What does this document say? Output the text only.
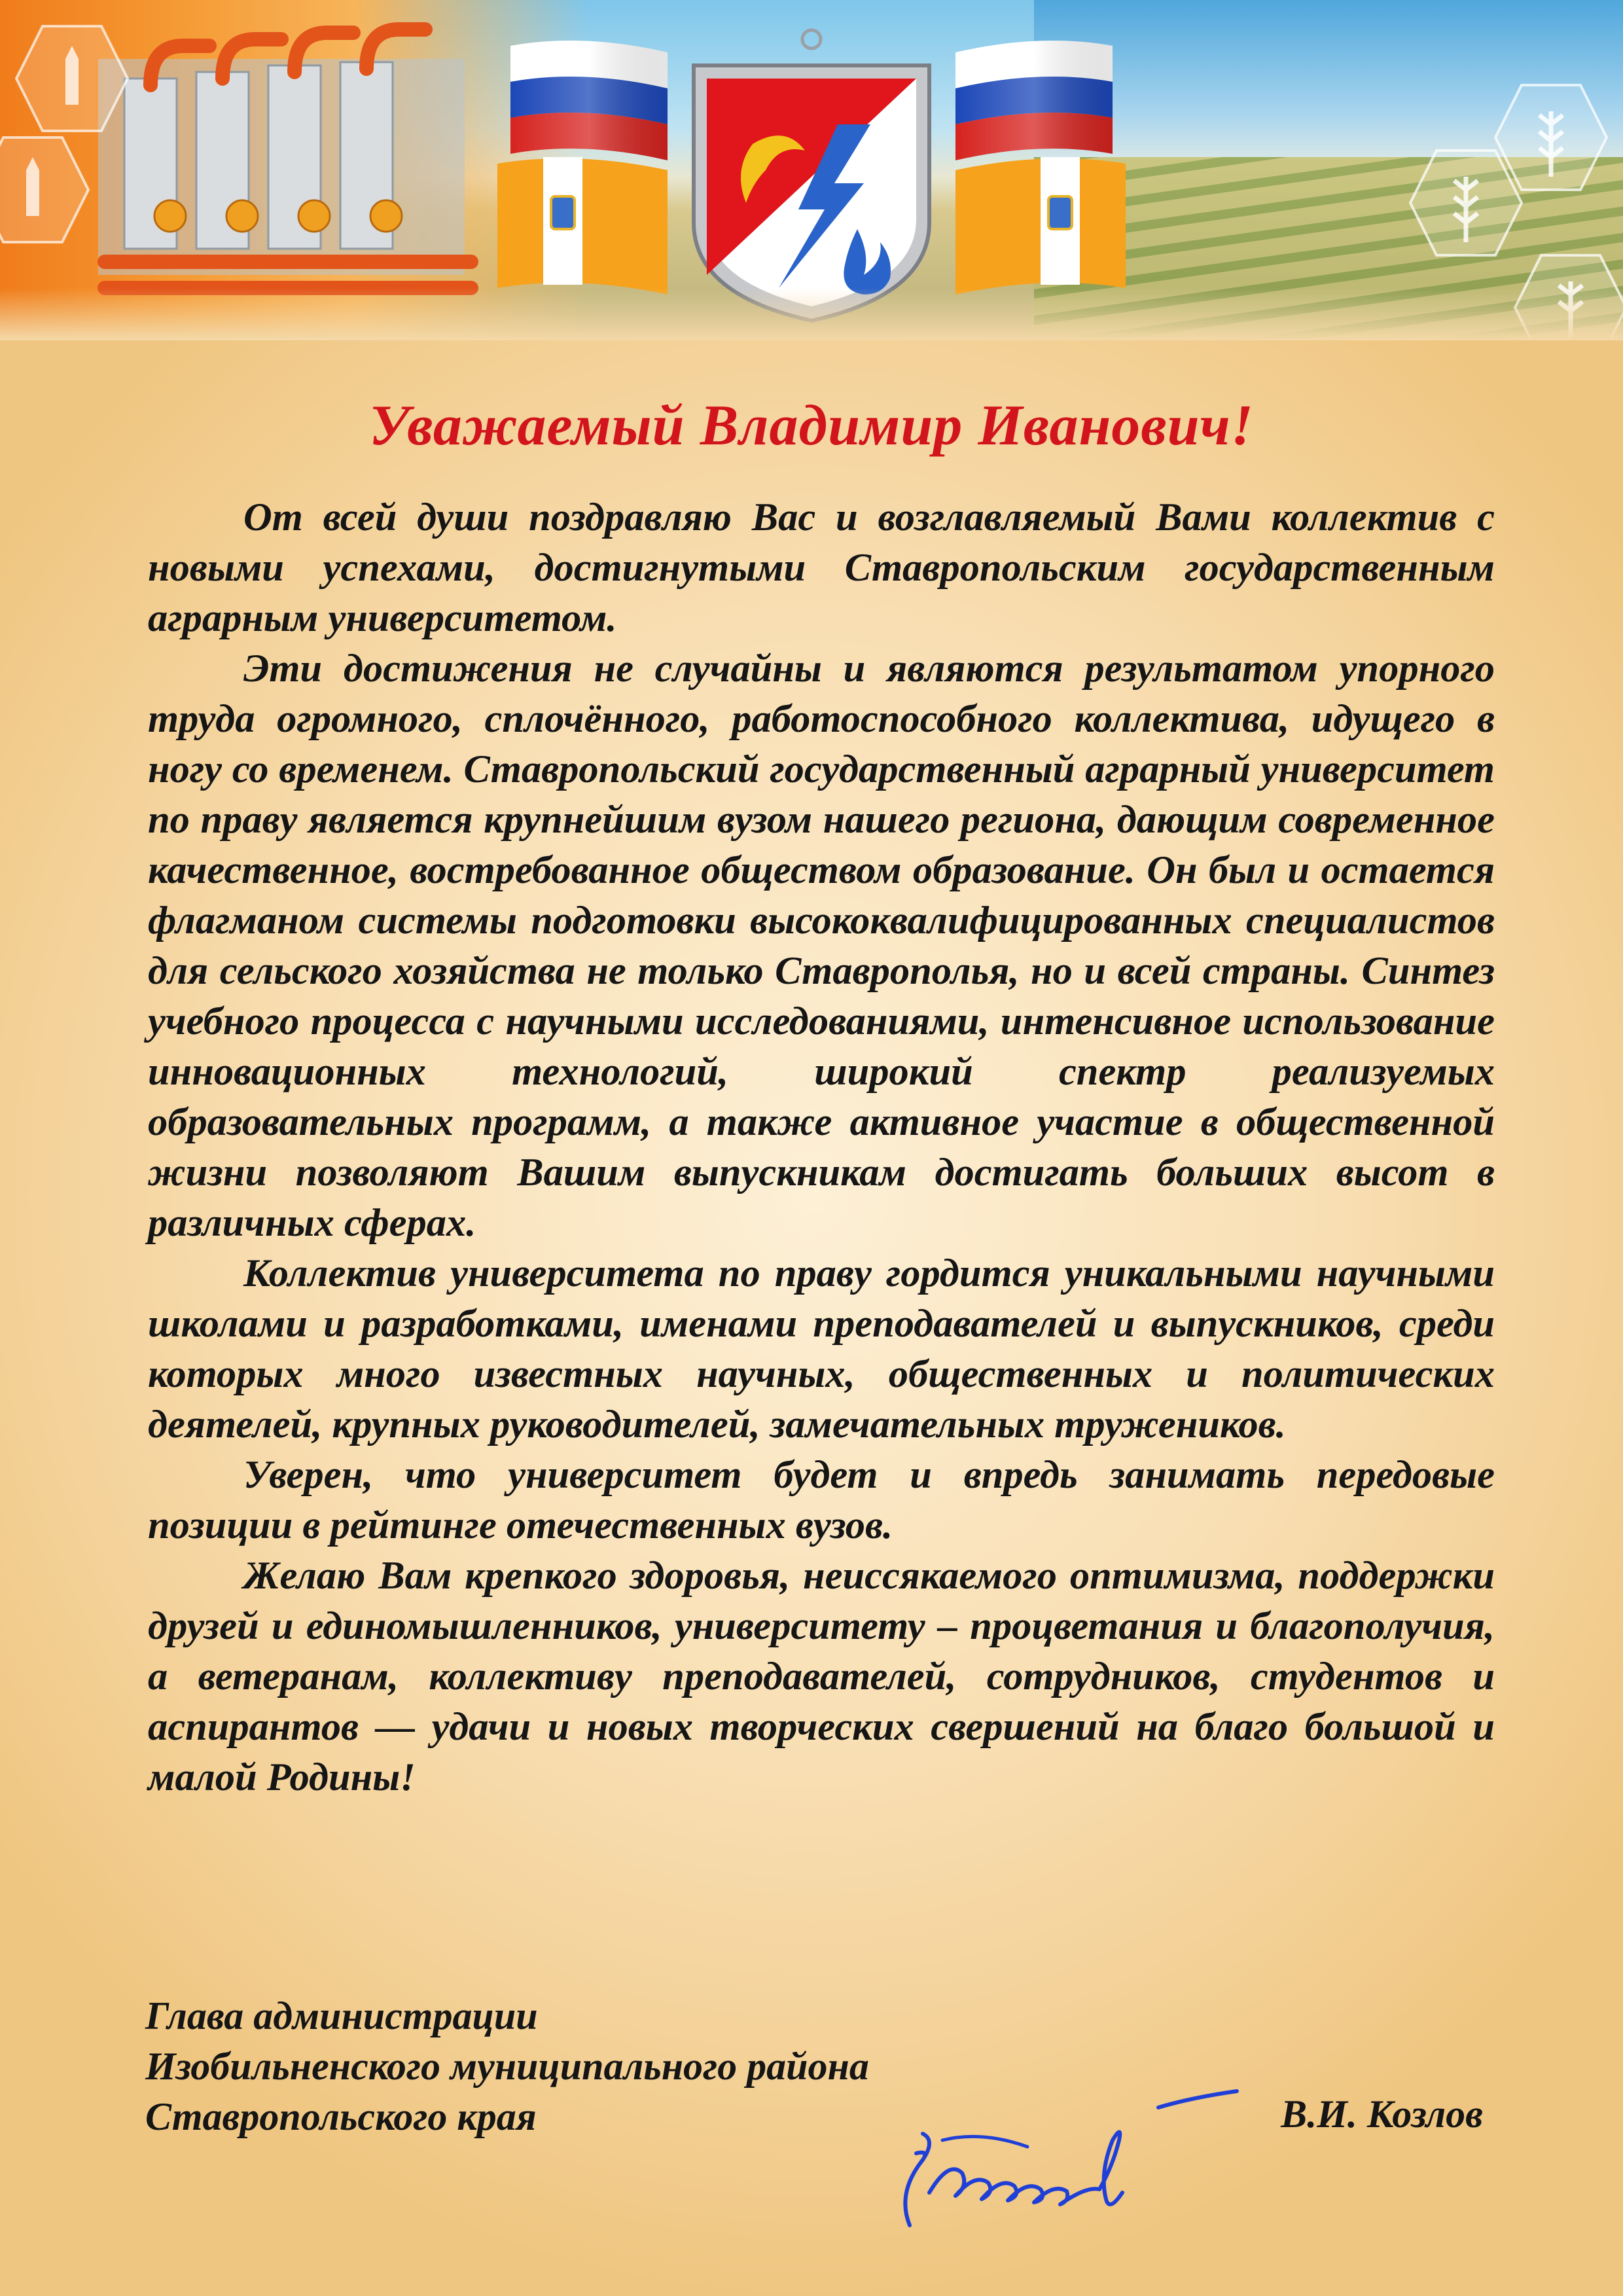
Уважаемый Владимир Иванович!

От всей души поздравляю Вас и возглавляемый Вами коллектив с новыми успехами, достигнутыми Ставропольским государственным аграрным университетом.

Эти достижения не случайны и являются результатом упорного труда огромного, сплочённого, работоспособного коллектива, идущего в ногу со временем. Ставропольский государственный аграрный университет по праву является крупнейшим вузом нашего региона, дающим современное качественное, востребованное обществом образование. Он был и остается флагманом системы подготовки высококвалифицированных специалистов для сельского хозяйства не только Ставрополья, но и всей страны. Синтез учебного процесса с научными исследованиями, интенсивное использование инновационных технологий, широкий спектр реализуемых образовательных программ, а также активное участие в общественной жизни позволяют Вашим выпускникам достигать больших высот в различных сферах.

Коллектив университета по праву гордится уникальными научными школами и разработками, именами преподавателей и выпускников, среди которых много известных научных, общественных и политических деятелей, крупных руководителей, замечательных тружеников.

Уверен, что университет будет и впредь занимать передовые позиции в рейтинге отечественных вузов.

Желаю Вам крепкого здоровья, неиссякаемого оптимизма, поддержки друзей и единомышленников, университету – процветания и благополучия, а ветеранам, коллективу преподавателей, сотрудников, студентов и аспирантов — удачи и новых творческих свершений на благо большой и малой Родины!

Глава администрации
Изобильненского муниципального района
Ставропольского края	В.И. Козлов
